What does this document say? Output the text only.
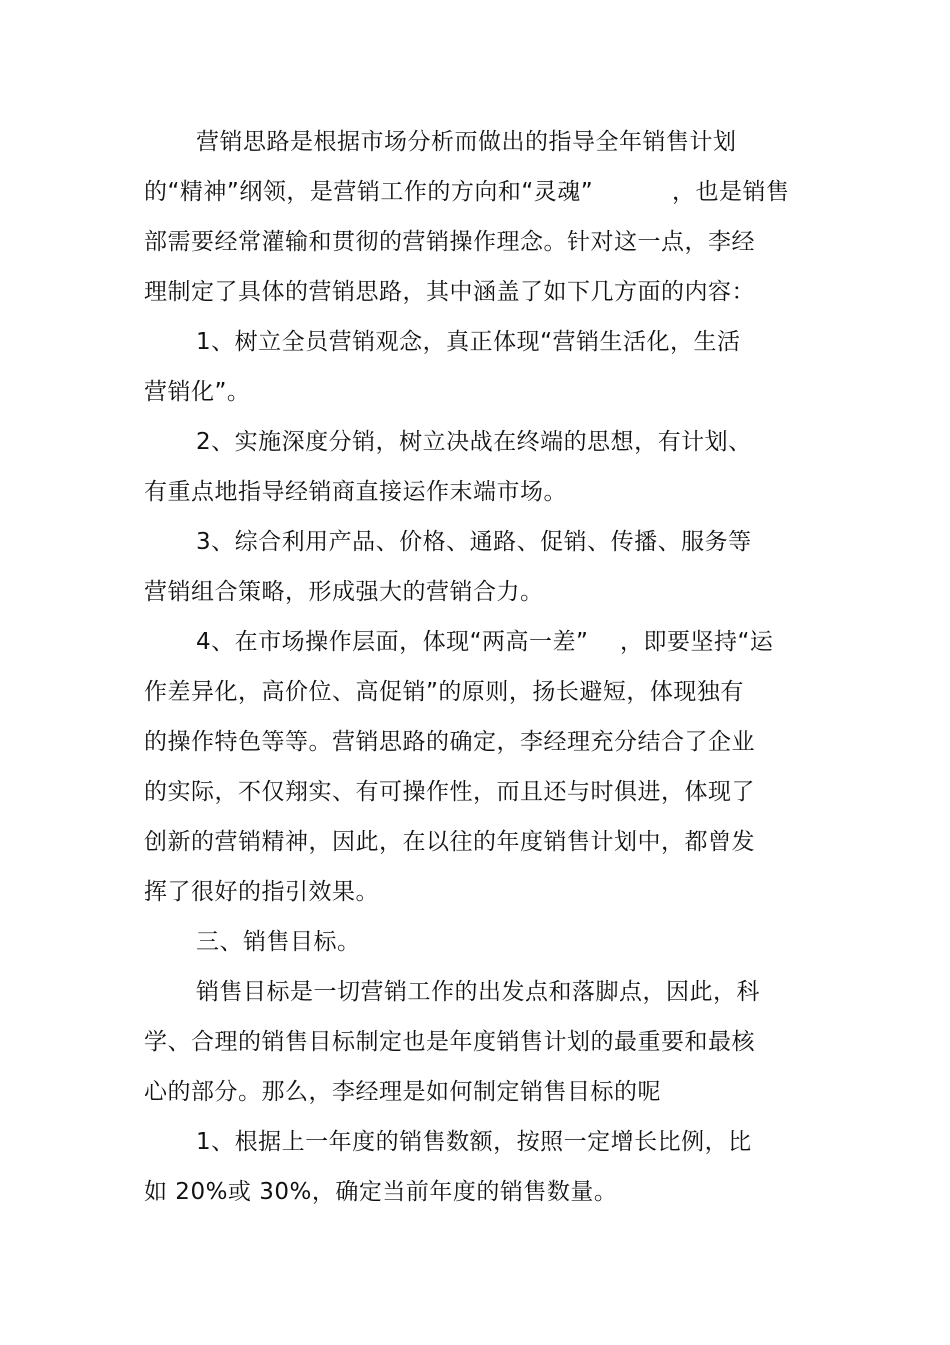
营销思路是根据市场分析而做出的指导全年销售计划
的“精神”纲领，是营销工作的方向和“灵魂”	，也是销售
部需要经常灌输和贯彻的营销操作理念。针对这一点，李经
理制定了具体的营销思路，其中涵盖了如下几方面的内容：
1、树立全员营销观念，真正体现“营销生活化，生活
营销化”。
2、实施深度分销，树立决战在终端的思想，有计划、
有重点地指导经销商直接运作末端市场。
3、综合利用产品、价格、通路、促销、传播、服务等
营销组合策略，形成强大的营销合力。
4、在市场操作层面，体现“两高一差” ，即要坚持“运
作差异化，高价位、高促销”的原则，扬长避短，体现独有
的操作特色等等。营销思路的确定，李经理充分结合了企业
的实际，不仅翔实、有可操作性，而且还与时俱进，体现了
创新的营销精神，因此，在以往的年度销售计划中，都曾发
挥了很好的指引效果。
三、销售目标。
销售目标是一切营销工作的出发点和落脚点，因此，科
学、合理的销售目标制定也是年度销售计划的最重要和最核
心的部分。那么，李经理是如何制定销售目标的呢
1、根据上一年度的销售数额，按照一定增长比例，比
如 20%或 30%，确定当前年度的销售数量。
